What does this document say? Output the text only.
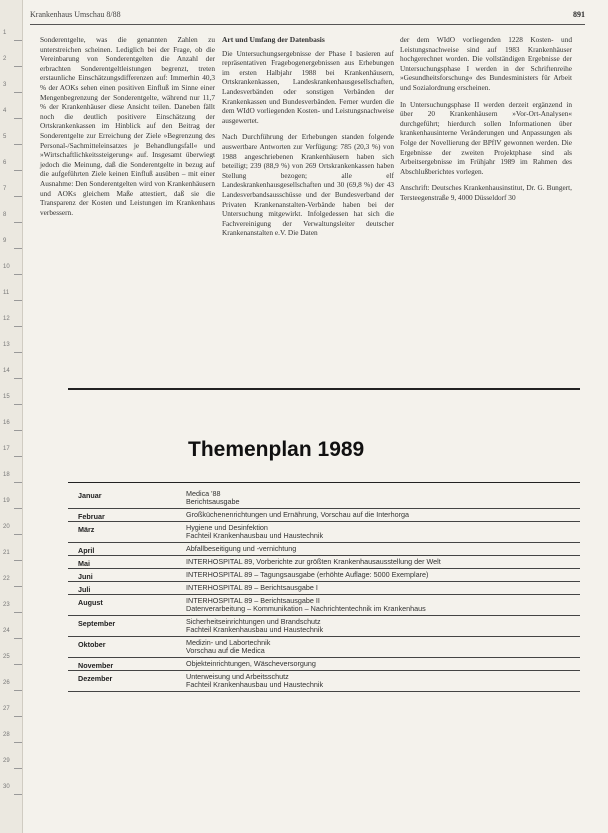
1
2
3
4
5
6
7
8
9
10
11
12
13
14
15
16
17
18
19
20
21
22
23
24
25
26
27
28
29
30
Krankenhaus Umschau 8/88	891

Sonderentgelte, was die genannten Zahlen zu unterstreichen scheinen. Lediglich bei der Frage, ob die Vereinbarung von Sonderentgelten die Anzahl der erbrachten Sonderentgeltleistungen begrenzt, treten erstaunliche Einschätzungsdifferenzen auf: Immerhin 40,3 % der AOKs sehen einen positiven Einfluß im Sinne einer Mengenbegrenzung der Sonderentgelte, während nur 11,7 % der Krankenhäuser diese Ansicht teilen. Daneben fällt noch die deutlich positivere Einschätzung der Ortskrankenkassen im Hinblick auf den Beitrag der Sonderentgelte zur Erreichung der Ziele »Begrenzung des Personal-/Sachmitteleinsatzes je Behandlungsfall« und »Wirtschaftlichkeitssteigerung« auf. Insgesamt überwiegt jedoch die Meinung, daß die Sonderentgelte in bezug auf die aufgeführten Ziele keinen Einfluß ausüben – mit einer Ausnahme: Den Sonderentgelten wird von Krankenhäusern und AOKs gleichem Maße attestiert, daß sie die Transparenz der Kosten und Leistungen im Krankenhaus verbessern.

Art und Umfang der Datenbasis

Die Untersuchungsergebnisse der Phase I basieren auf repräsentativen Fragebogenergebnissen aus Erhebungen im ersten Halbjahr 1988 bei Krankenhäusern, Ortskrankenkassen, Landeskrankenhausgesellschaften, Landesverbänden oder sonstigen Verbänden der Krankenkassen und Bundesverbänden. Ferner wurden die dem WIdO vorliegenden Kosten- und Leistungsnachweise ausgewertet.

Nach Durchführung der Erhebungen standen folgende auswertbare Antworten zur Verfügung: 785 (20,3 %) von 1988 angeschriebenen Krankenhäusern haben sich beteiligt; 239 (88,9 %) von 269 Ortskrankenkassen haben Stellung bezogen; alle elf Landeskrankenhausgesellschaften und 30 (69,8 %) der 43 Landesverbandsausschüsse und der Bundesverband der Privaten Krankenanstalten-Verbände haben bei der Untersuchung mitgewirkt. Infolgedessen hat sich die Fachvereinigung der Verwaltungsleiter deutscher Krankenanstalten e.V. Die Daten

der dem WIdO vorliegenden 1228 Kosten- und Leistungsnachweise sind auf 1983 Krankenhäuser hochgerechnet worden. Die vollständigen Ergebnisse der Untersuchungsphase I werden in der Schriftenreihe »Gesundheitsforschung« des Bundesministers für Arbeit und Sozialordnung erscheinen.

In Untersuchungsphase II werden derzeit ergänzend in über 20 Krankenhäusern »Vor-Ort-Analysen« durchgeführt; hierdurch sollen Informationen über krankenhausinterne Veränderungen und Anpassungen als Folge der Novellierung der BPflV gewonnen werden. Die Ergebnisse der zweiten Projektphase sind als Arbeitsergebnisse im Frühjahr 1989 im Rahmen des Abschlußberichtes vorlegen.

Anschrift: Deutsches Krankenhausinstitut, Dr. G. Bungert, Tersteegenstraße 9, 4000 Düsseldorf 30

Themenplan 1989
Januar	Medica '88
Berichtsausgabe
Februar	Großküchenenrichtungen und Ernährung, Vorschau auf die Interhorga
März	Hygiene und Desinfektion
Fachteil Krankenhausbau und Haustechnik
April	Abfallbeseitigung und -vernichtung
Mai	INTERHOSPITAL 89, Vorberichte zur größten Krankenhausausstellung der Welt
Juni	INTERHOSPITAL 89 – Tagungsausgabe (erhöhte Auflage: 5000 Exemplare)
Juli	INTERHOSPITAL 89 – Berichtsausgabe I
August	INTERHOSPITAL 89 – Berichtsausgabe II
Datenverarbeitung – Kommunikation – Nachrichtentechnik im Krankenhaus
September	Sicherheitseinrichtungen und Brandschutz
Fachteil Krankenhausbau und Haustechnik
Oktober	Medizin- und Labortechnik
Vorschau auf die Medica
November	Objekteinrichtungen, Wäscheversorgung
Dezember	Unterweisung und Arbeitsschutz
Fachteil Krankenhausbau und Haustechnik
